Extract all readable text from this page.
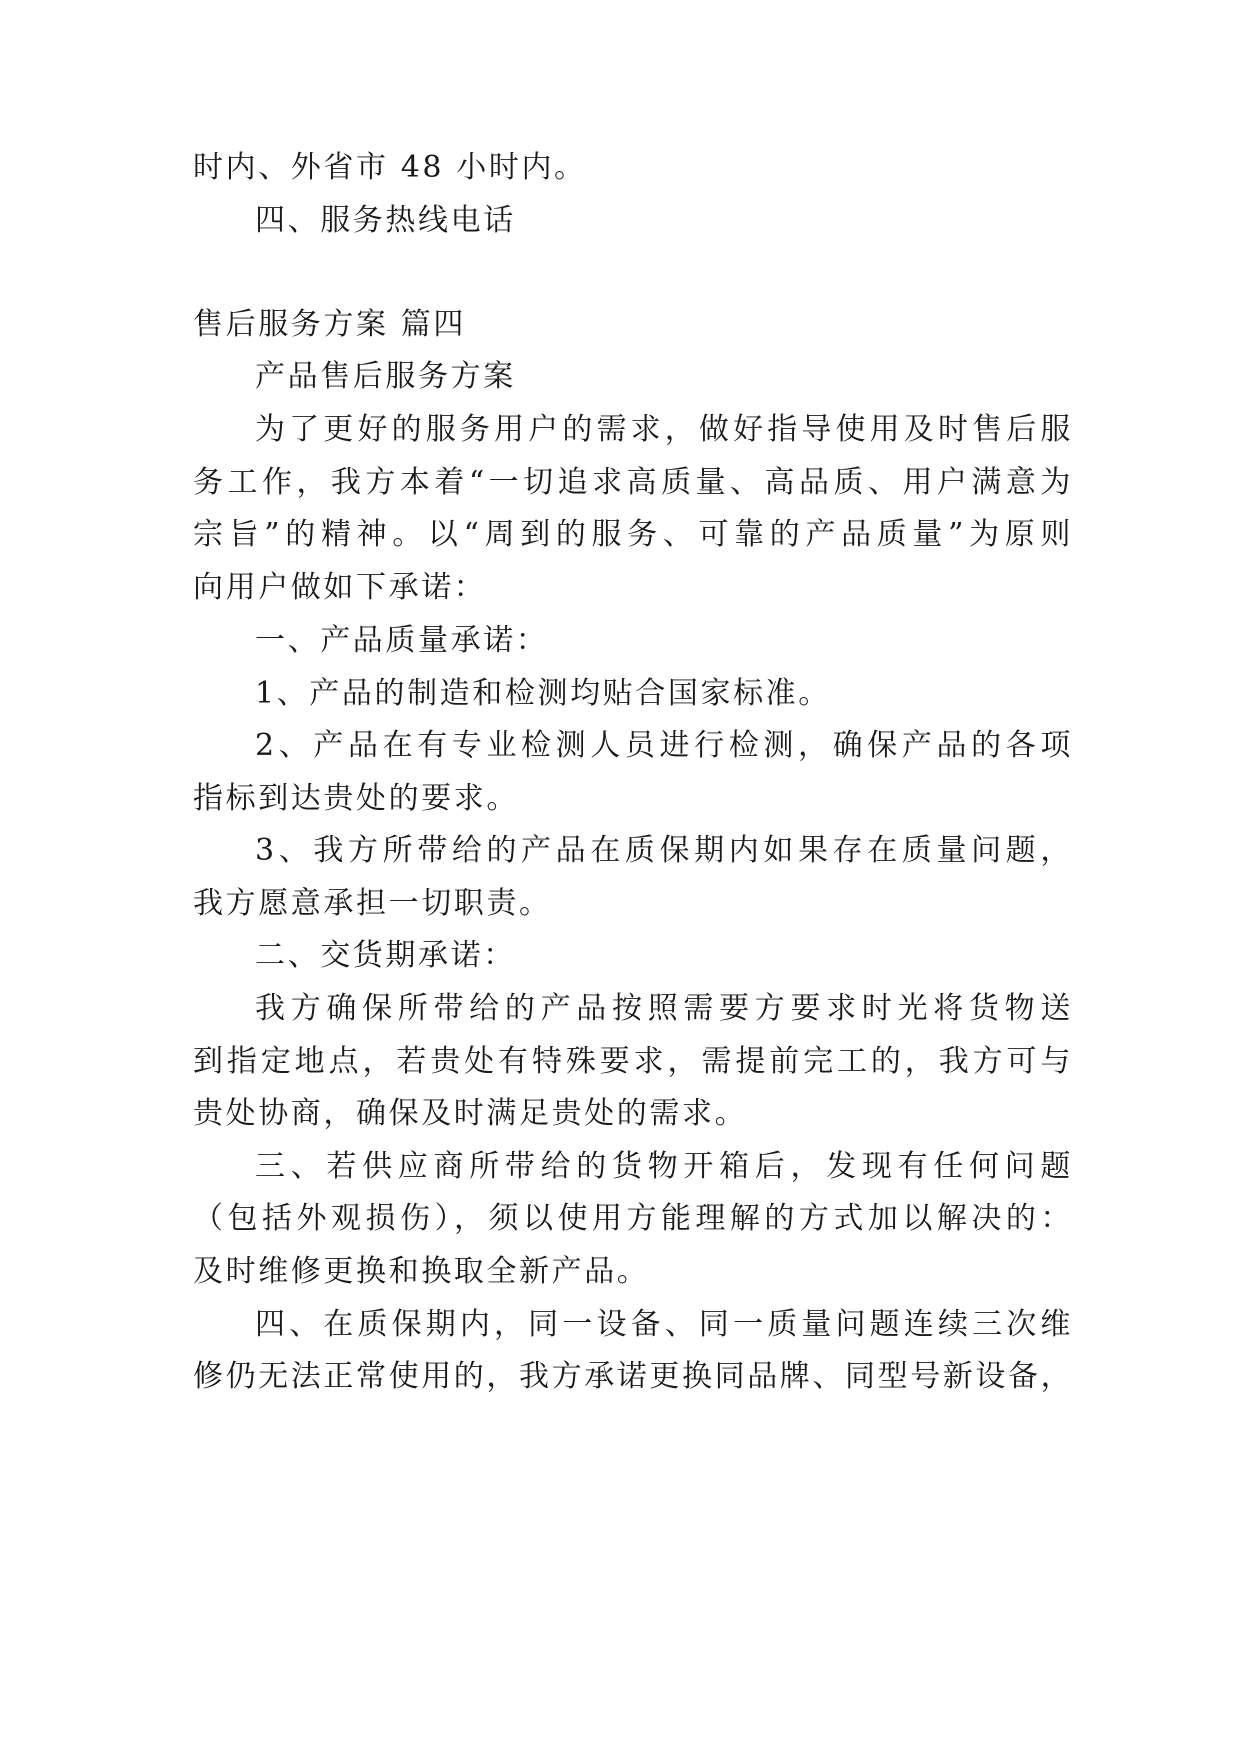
时内、外省市 48 小时内。
四、服务热线电话
售后服务方案 篇四
产品售后服务方案
为了更好的服务用户的需求，做好指导使用及时售后服
务工作，我方本着“一切追求高质量、高品质、用户满意为
宗旨”的精神。以“周到的服务、可靠的产品质量”为原则
向用户做如下承诺：
一、产品质量承诺：
1、产品的制造和检测均贴合国家标准。
2、产品在有专业检测人员进行检测，确保产品的各项
指标到达贵处的要求。
3、我方所带给的产品在质保期内如果存在质量问题，
我方愿意承担一切职责。
二、交货期承诺：
我方确保所带给的产品按照需要方要求时光将货物送
到指定地点，若贵处有特殊要求，需提前完工的，我方可与
贵处协商，确保及时满足贵处的需求。
三、若供应商所带给的货物开箱后，发现有任何问题
（包括外观损伤），须以使用方能理解的方式加以解决的：
及时维修更换和换取全新产品。
四、在质保期内，同一设备、同一质量问题连续三次维
修仍无法正常使用的，我方承诺更换同品牌、同型号新设备，
